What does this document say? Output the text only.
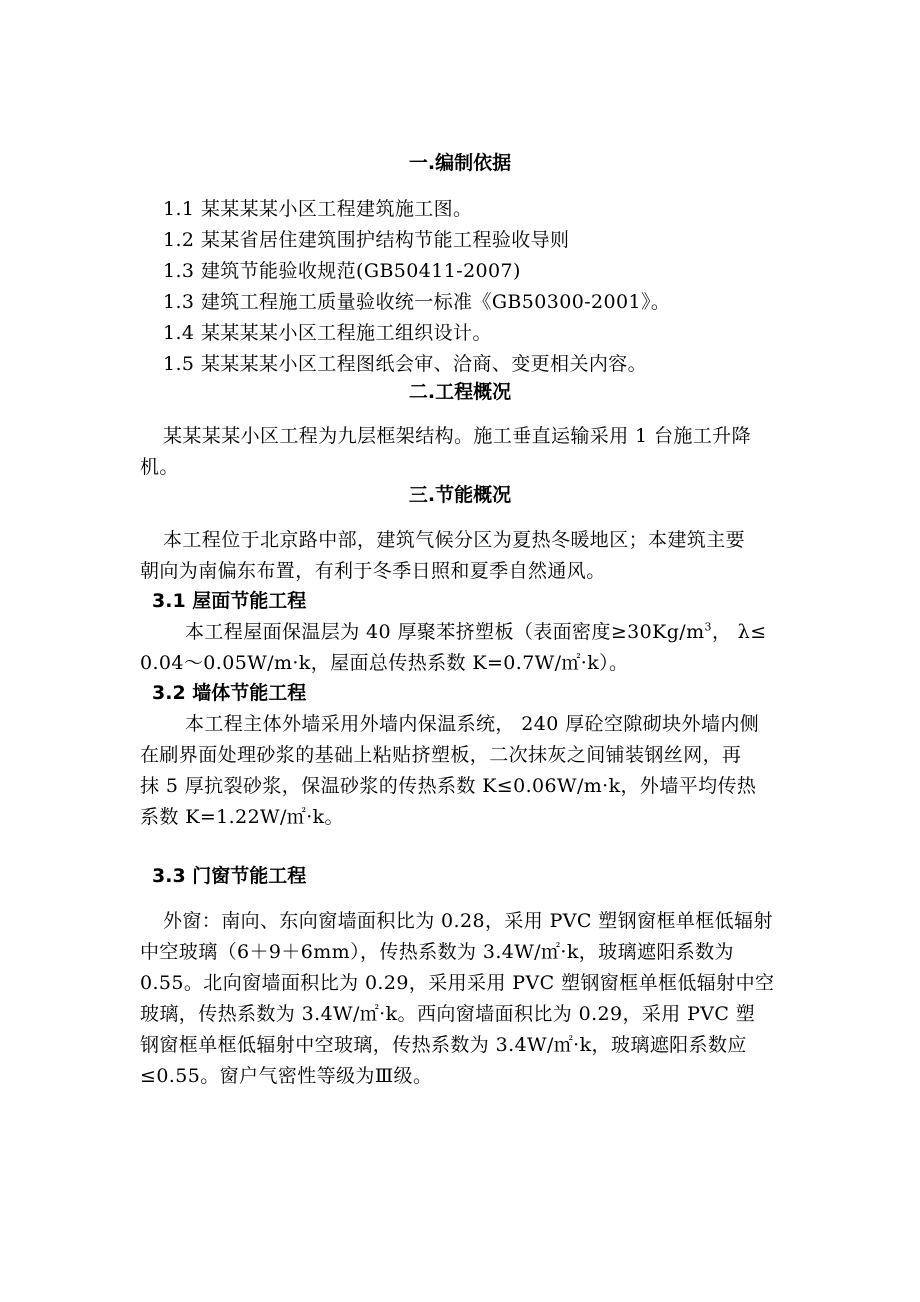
一.编制依据
1.1 某某某某小区工程建筑施工图。
1.2 某某省居住建筑围护结构节能工程验收导则
1.3 建筑节能验收规范(GB50411-2007)
1.3 建筑工程施工质量验收统一标准《GB50300-2001》。
1.4 某某某某小区工程施工组织设计。
1.5 某某某某小区工程图纸会审、洽商、变更相关内容。
二.工程概况
某某某某小区工程为九层框架结构。施工垂直运输采用 1 台施工升降
机。
三.节能概况
本工程位于北京路中部，建筑气候分区为夏热冬暖地区；本建筑主要
朝向为南偏东布置，有利于冬季日照和夏季自然通风。
3.1 屋面节能工程
本工程屋面保温层为 40 厚聚苯挤塑板（表面密度$\ge 30Kg/m^3$， λ≤
0.04～0.05W/m·k，屋面总传热系数 K=0.7W/㎡·k）。
3.2 墙体节能工程
本工程主体外墙采用外墙内保温系统， 240 厚砼空隙砌块外墙内侧
在刷界面处理砂浆的基础上粘贴挤塑板，二次抹灰之间铺装钢丝网，再
抹 5 厚抗裂砂浆，保温砂浆的传热系数 K≤0.06W/m·k，外墙平均传热
系数 K=1.22W/㎡·k。
3.3 门窗节能工程
外窗：南向、东向窗墙面积比为 0.28，采用 PVC 塑钢窗框单框低辐射
中空玻璃（6＋9＋6mm），传热系数为 3.4W/㎡·k，玻璃遮阳系数为
0.55。北向窗墙面积比为 0.29，采用采用 PVC 塑钢窗框单框低辐射中空
玻璃，传热系数为 3.4W/㎡·k。西向窗墙面积比为 0.29，采用 PVC 塑
钢窗框单框低辐射中空玻璃，传热系数为 3.4W/㎡·k，玻璃遮阳系数应
≤0.55。窗户气密性等级为Ⅲ级。
